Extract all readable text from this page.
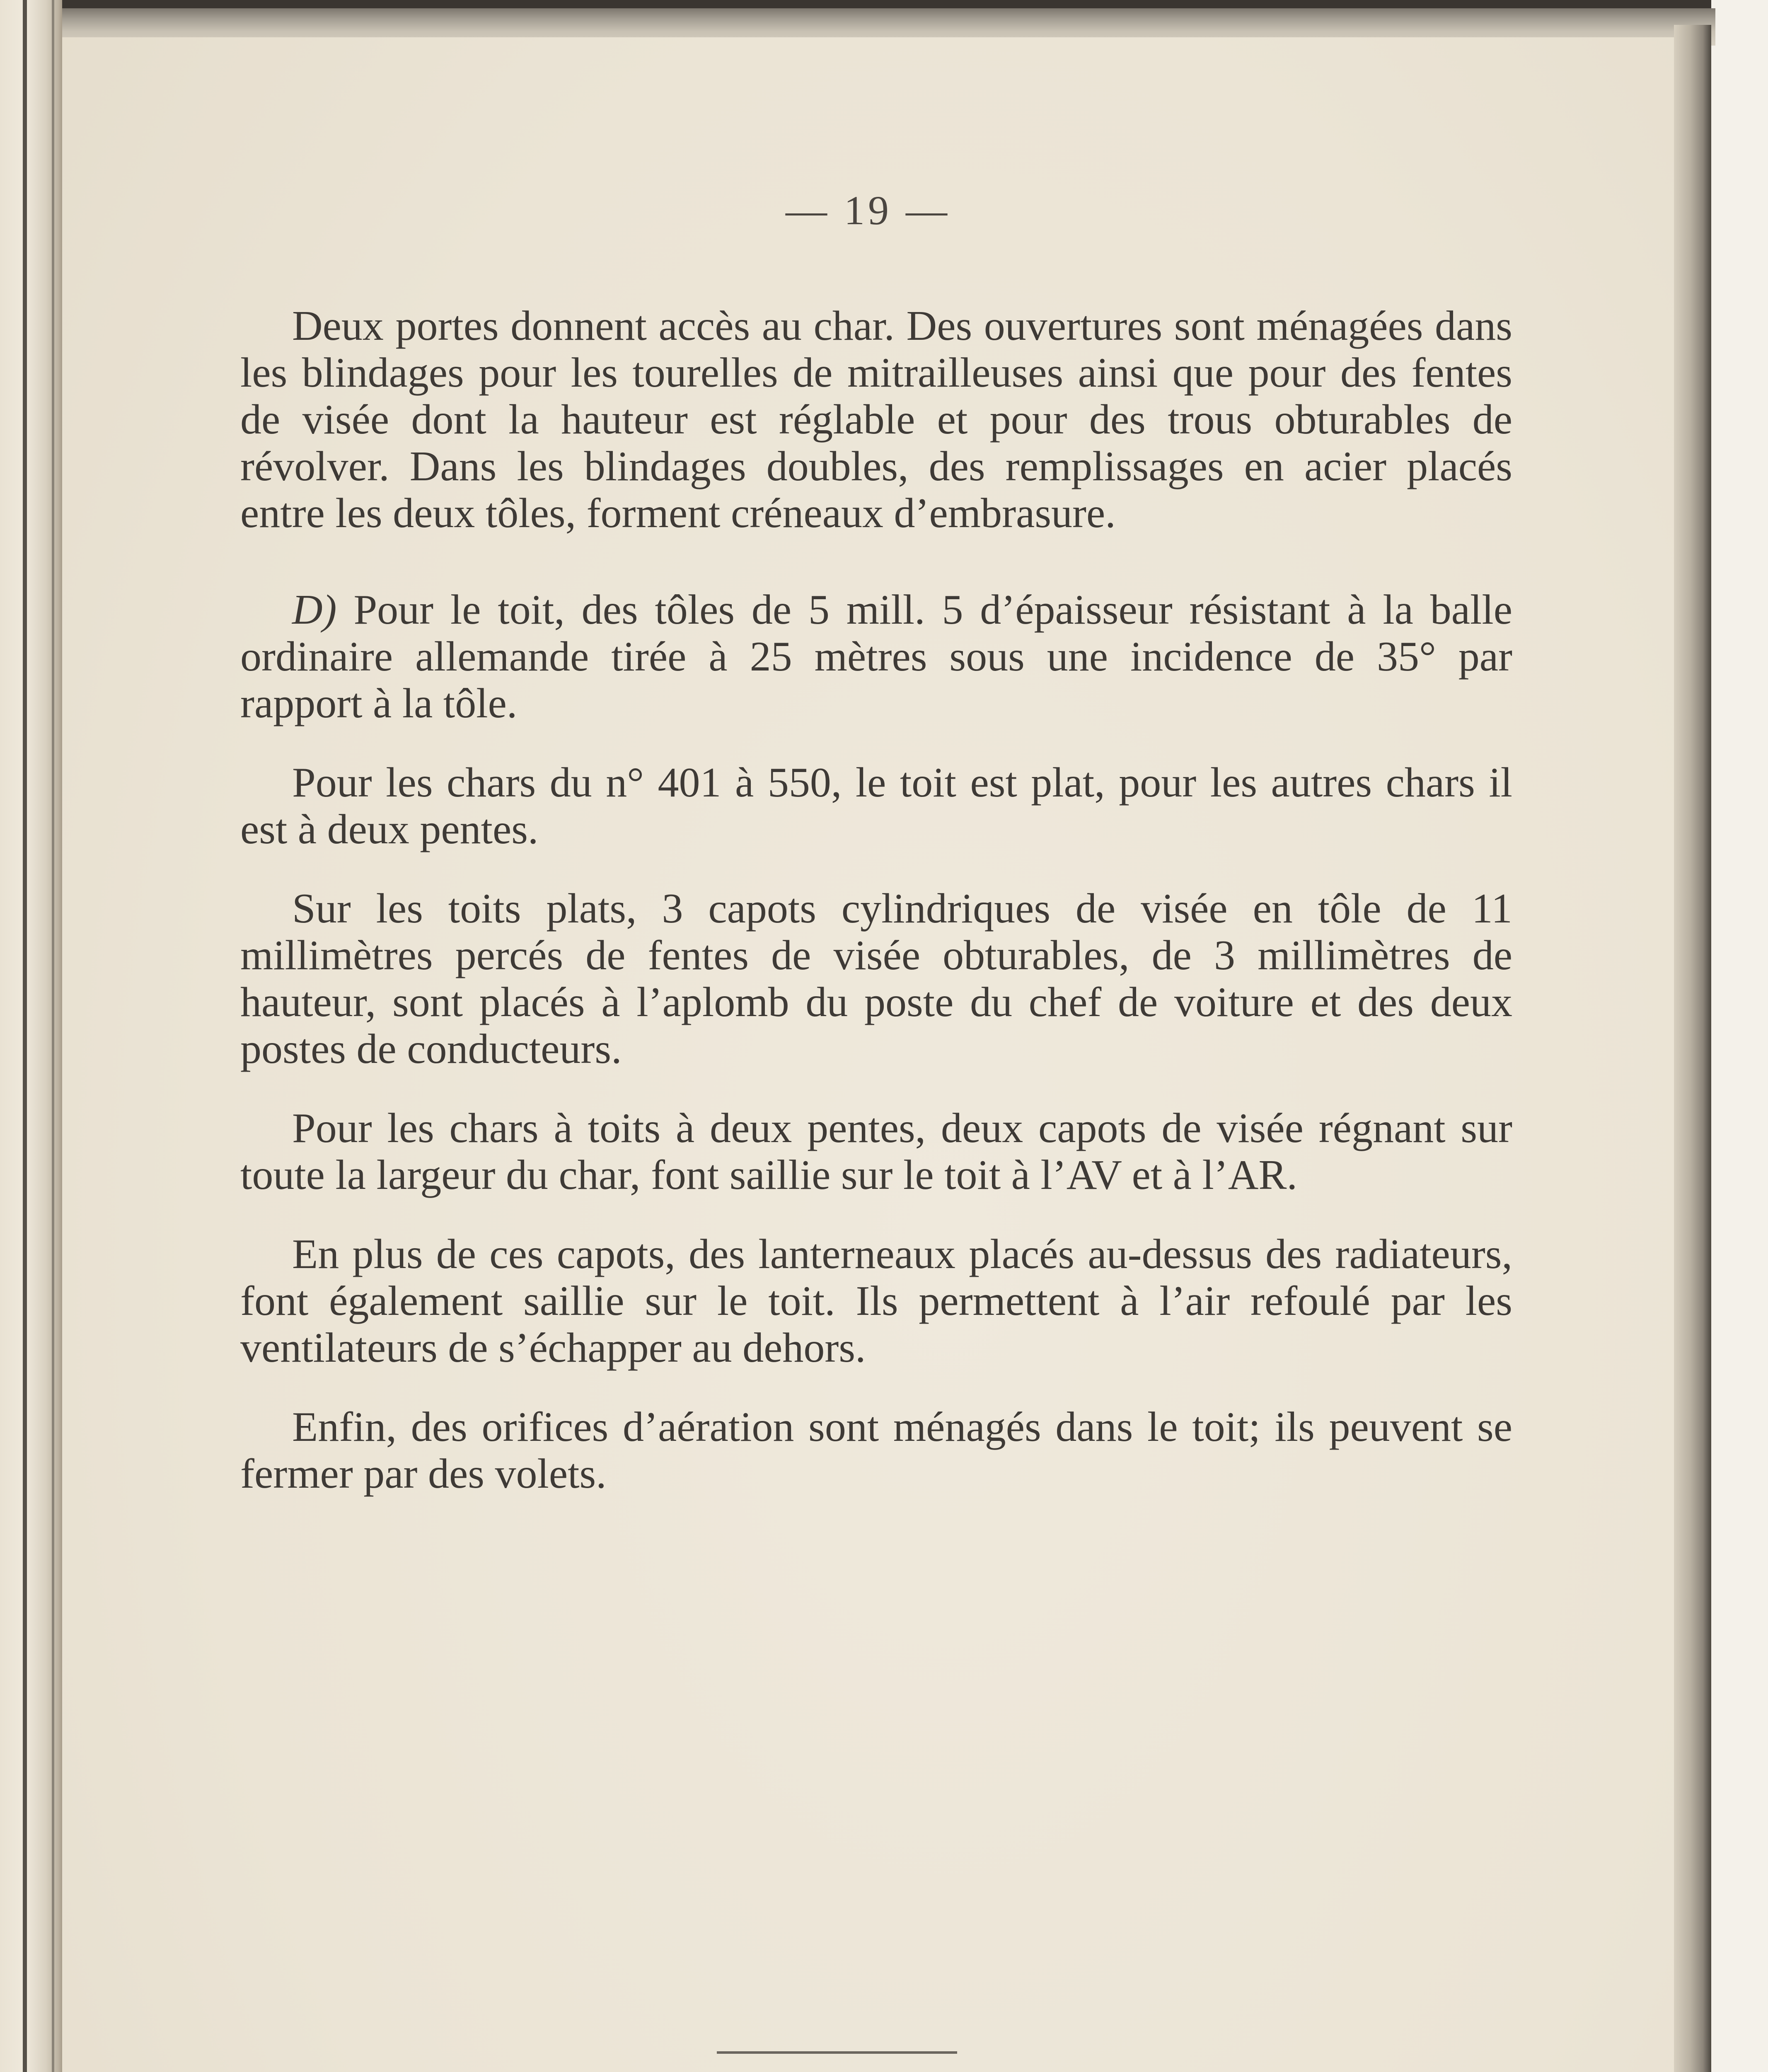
— 19 —

Deux portes donnent accès au char. Des ouvertures sont ménagées dans les blindages pour les tourelles de mitrailleuses ainsi que pour des fentes de visée dont la hauteur est réglable et pour des trous obturables de révolver. Dans les blindages doubles, des remplissages en acier placés entre les deux tôles, forment créneaux d’embrasure.

D) Pour le toit, des tôles de 5 mill. 5 d’épaisseur résistant à la balle ordinaire allemande tirée à 25 mètres sous une incidence de 35° par rapport à la tôle.

Pour les chars du n° 401 à 550, le toit est plat, pour les autres chars il est à deux pentes.

Sur les toits plats, 3 capots cylindriques de visée en tôle de 11 millimètres percés de fentes de visée obturables, de 3 millimètres de hauteur, sont placés à l’aplomb du poste du chef de voiture et des deux postes de conducteurs.

Pour les chars à toits à deux pentes, deux capots de visée régnant sur toute la largeur du char, font saillie sur le toit à l’AV et à l’AR.

En plus de ces capots, des lanterneaux placés au-dessus des radiateurs, font également saillie sur le toit. Ils permettent à l’air refoulé par les ventilateurs de s’échapper au dehors.

Enfin, des orifices d’aération sont ménagés dans le toit; ils peuvent se fermer par des volets.
